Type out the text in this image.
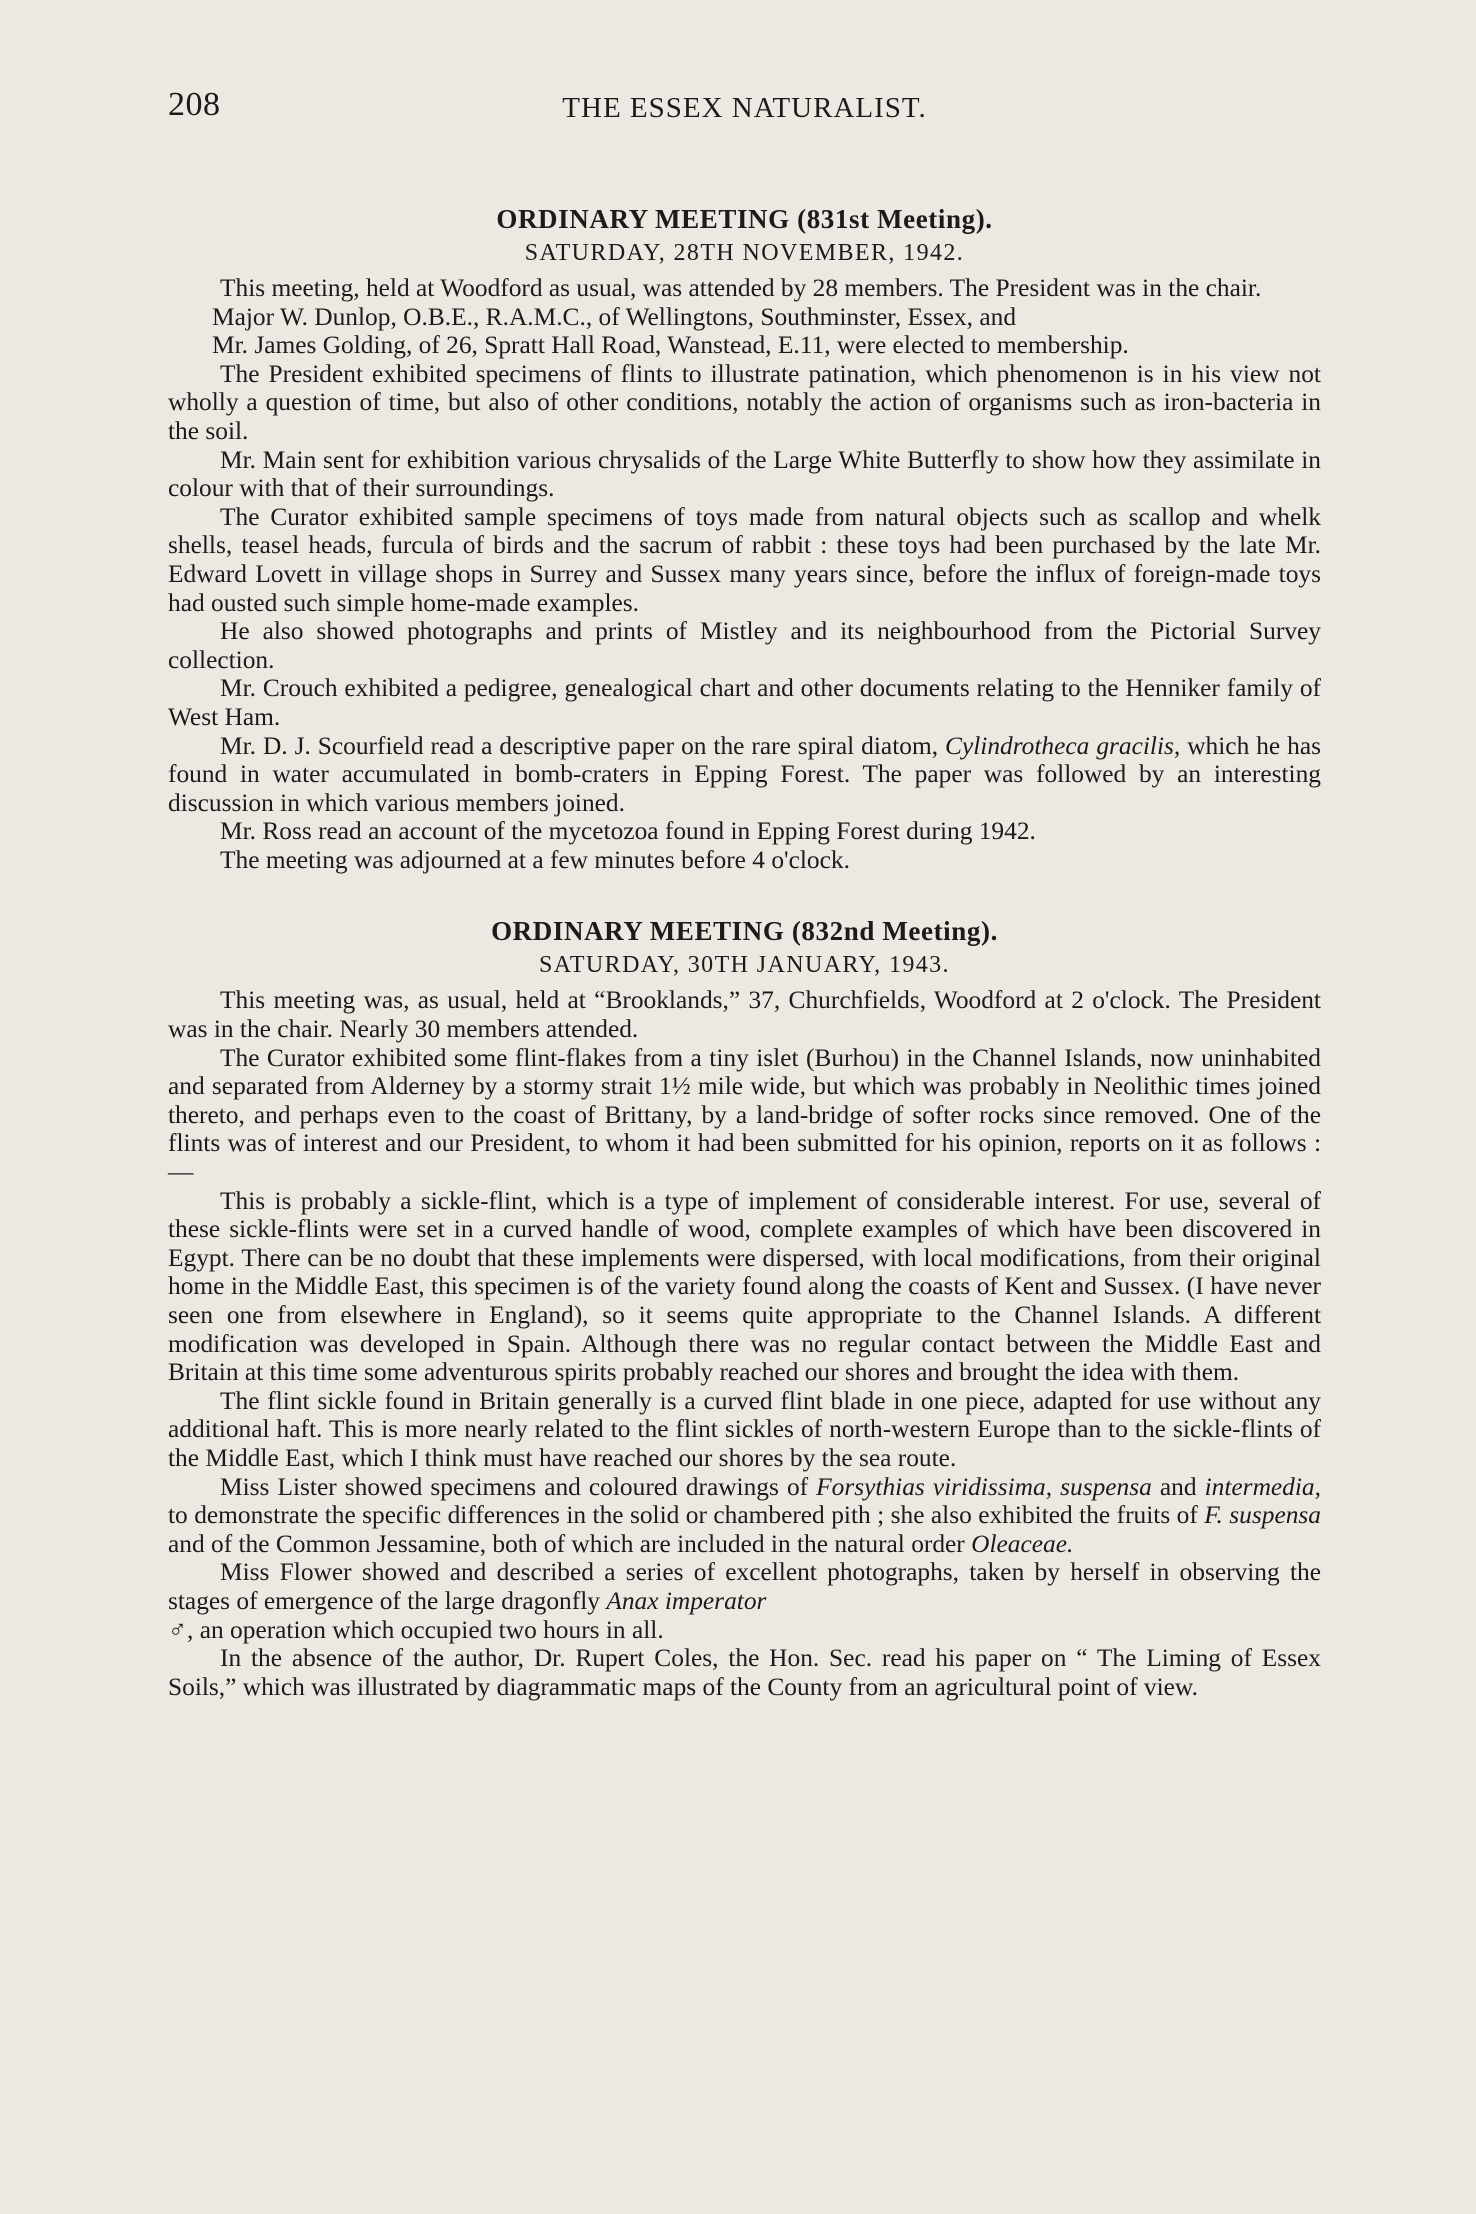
208	THE ESSEX NATURALIST.
ORDINARY MEETING (831st Meeting).
SATURDAY, 28TH NOVEMBER, 1942.

This meeting, held at Woodford as usual, was attended by 28 members. The President was in the chair.

Major W. Dunlop, O.B.E., R.A.M.C., of Wellingtons, Southminster, Essex, and

Mr. James Golding, of 26, Spratt Hall Road, Wanstead, E.11, were elected to membership.

The President exhibited specimens of flints to illustrate patination, which phenomenon is in his view not wholly a question of time, but also of other conditions, notably the action of organisms such as iron-bacteria in the soil.

Mr. Main sent for exhibition various chrysalids of the Large White Butterfly to show how they assimilate in colour with that of their surroundings.

The Curator exhibited sample specimens of toys made from natural objects such as scallop and whelk shells, teasel heads, furcula of birds and the sacrum of rabbit : these toys had been purchased by the late Mr. Edward Lovett in village shops in Surrey and Sussex many years since, before the influx of foreign-made toys had ousted such simple home-made examples.

He also showed photographs and prints of Mistley and its neighbourhood from the Pictorial Survey collection.

Mr. Crouch exhibited a pedigree, genealogical chart and other documents relating to the Henniker family of West Ham.

Mr. D. J. Scourfield read a descriptive paper on the rare spiral diatom, Cylindrotheca gracilis, which he has found in water accumulated in bomb-craters in Epping Forest. The paper was followed by an interesting discussion in which various members joined.

Mr. Ross read an account of the mycetozoa found in Epping Forest during 1942.

The meeting was adjourned at a few minutes before 4 o'clock.

ORDINARY MEETING (832nd Meeting).
SATURDAY, 30TH JANUARY, 1943.

This meeting was, as usual, held at “Brooklands,” 37, Churchfields, Woodford at 2 o'clock. The President was in the chair. Nearly 30 members attended.

The Curator exhibited some flint-flakes from a tiny islet (Burhou) in the Channel Islands, now uninhabited and separated from Alderney by a stormy strait 1½ mile wide, but which was probably in Neolithic times joined thereto, and perhaps even to the coast of Brittany, by a land-bridge of softer rocks since removed. One of the flints was of interest and our President, to whom it had been submitted for his opinion, reports on it as follows :—

This is probably a sickle-flint, which is a type of implement of considerable interest. For use, several of these sickle-flints were set in a curved handle of wood, complete examples of which have been discovered in Egypt. There can be no doubt that these implements were dispersed, with local modifications, from their original home in the Middle East, this specimen is of the variety found along the coasts of Kent and Sussex. (I have never seen one from elsewhere in England), so it seems quite appropriate to the Channel Islands. A different modification was developed in Spain. Although there was no regular contact between the Middle East and Britain at this time some adventurous spirits probably reached our shores and brought the idea with them.

The flint sickle found in Britain generally is a curved flint blade in one piece, adapted for use without any additional haft. This is more nearly related to the flint sickles of north-western Europe than to the sickle-flints of the Middle East, which I think must have reached our shores by the sea route.

Miss Lister showed specimens and coloured drawings of Forsythias viridissima, suspensa and intermedia, to demonstrate the specific differences in the solid or chambered pith ; she also exhibited the fruits of F. suspensa and of the Common Jessamine, both of which are included in the natural order Oleaceae.

Miss Flower showed and described a series of excellent photographs, taken by herself in observing the stages of emergence of the large dragonfly Anax imperator
♂, an operation which occupied two hours in all.

In the absence of the author, Dr. Rupert Coles, the Hon. Sec. read his paper on “ The Liming of Essex Soils,” which was illustrated by diagrammatic maps of the County from an agricultural point of view.
